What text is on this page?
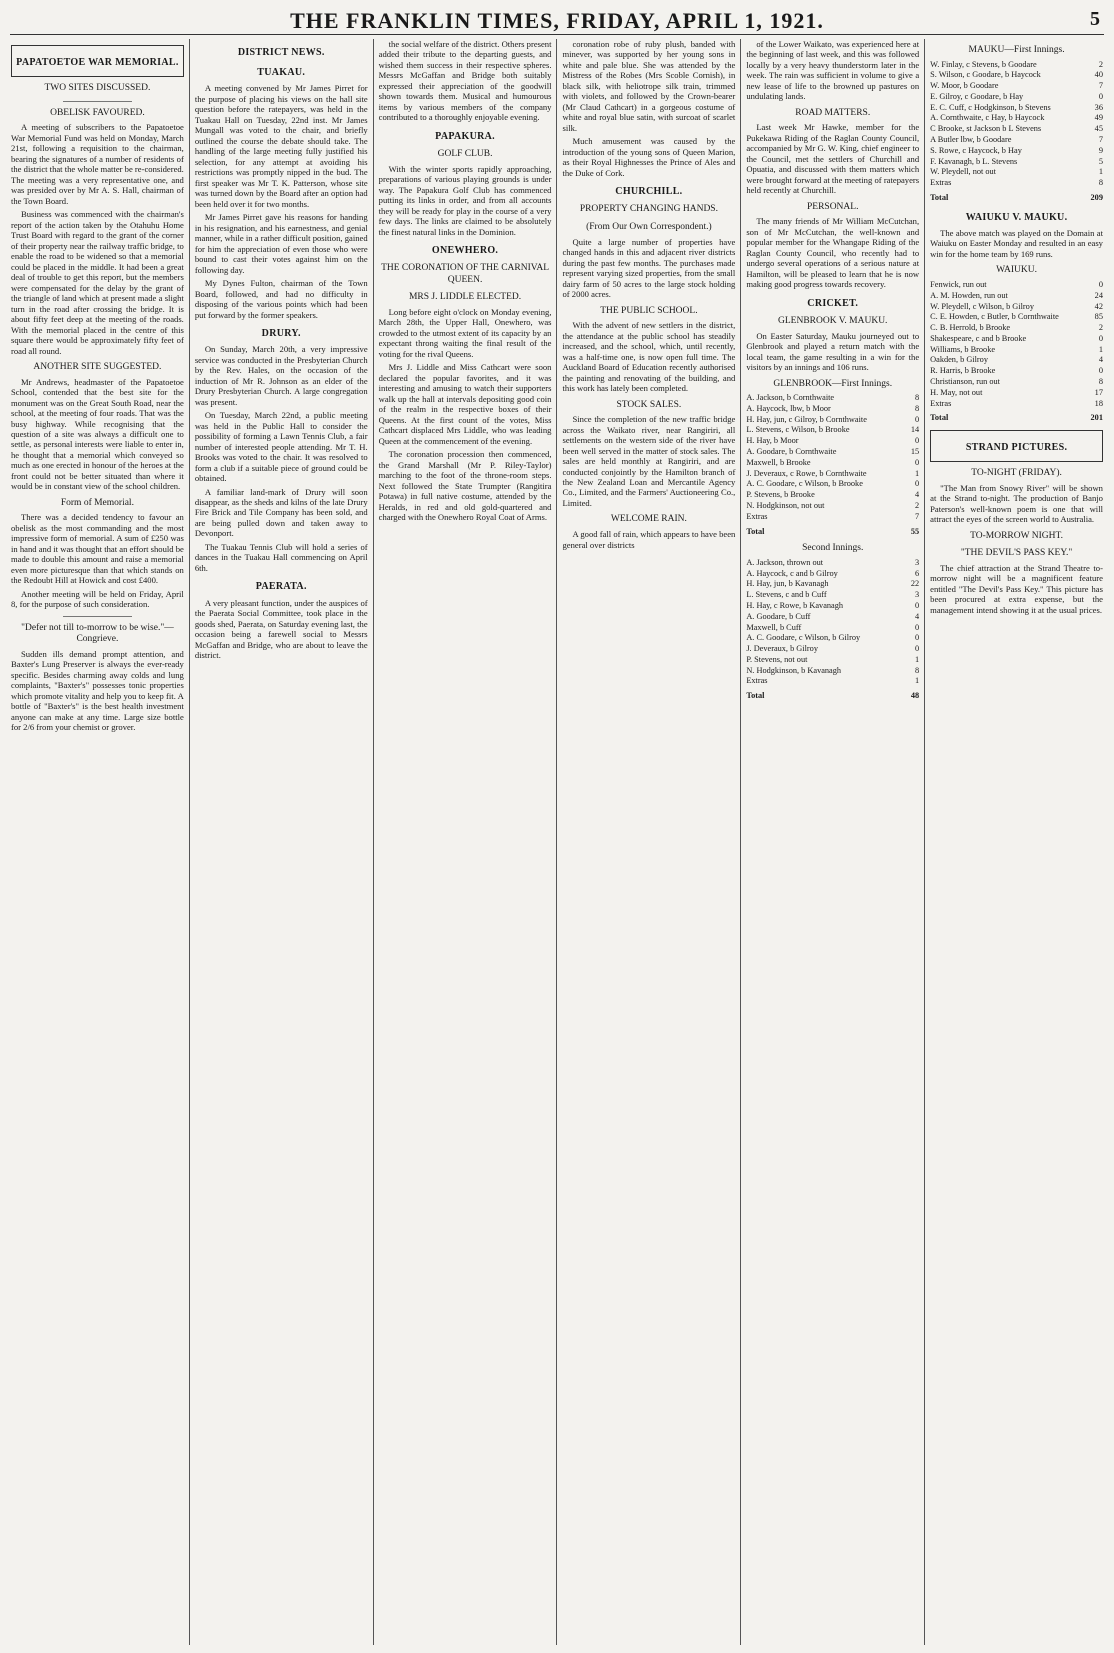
THE FRANKLIN TIMES, FRIDAY, APRIL 1, 1921.	5
PAPATOETOE WAR MEMORIAL.
TWO SITES DISCUSSED.
OBELISK FAVOURED.

A meeting of subscribers to the Papatoetoe War Memorial Fund was held on Monday, March 21st, following a requisition to the chairman, bearing the signatures of a number of residents of the district that the whole matter be re-considered. The meeting was a very representative one, and was presided over by Mr A. S. Hall, chairman of the Town Board.

Business was commenced with the chairman's report of the action taken by the Otahuhu Home Trust Board with regard to the grant of the corner of their property near the railway traffic bridge, to enable the road to be widened so that a memorial could be placed in the middle. It had been a great deal of trouble to get this report, but the members were compensated for the delay by the grant of the triangle of land which at present made a slight turn in the road after crossing the bridge. It is about fifty feet deep at the meeting of the roads. With the memorial placed in the centre of this square there would be approximately fifty feet of road all round.

ANOTHER SITE SUGGESTED.

Mr Andrews, headmaster of the Papatoetoe School, contended that the best site for the monument was on the Great South Road, near the school, at the meeting of four roads. That was the busy highway. While recognising that the question of a site was always a difficult one to settle, as personal interests were liable to enter in, he thought that a memorial which conveyed so much as one erected in honour of the heroes at the front could not be better situated than where it would be in constant view of the school children.

Form of Memorial.

There was a decided tendency to favour an obelisk as the most commanding and the most impressive form of memorial. A sum of £250 was in hand and it was thought that an effort should be made to double this amount and raise a memorial even more picturesque than that which stands on the Redoubt Hill at Howick and cost £400.

Another meeting will be held on Friday, April 8, for the purpose of such consideration.

"Defer not till to-morrow to be wise."—Congrieve.

Sudden ills demand prompt attention, and Baxter's Lung Preserver is always the ever-ready specific. Besides charming away colds and lung complaints, "Baxter's" possesses tonic properties which promote vitality and help you to keep fit. A bottle of "Baxter's" is the best health investment anyone can make at any time. Large size bottle for 2/6 from your chemist or grover.

DISTRICT NEWS.
TUAKAU.

A meeting convened by Mr James Pirret for the purpose of placing his views on the hall site question before the ratepayers, was held in the Tuakau Hall on Tuesday, 22nd inst. Mr James Mungall was voted to the chair, and briefly outlined the course the debate should take. The handling of the large meeting fully justified his selection, for any attempt at avoiding his restrictions was promptly nipped in the bud. The first speaker was Mr T. K. Patterson, whose site was turned down by the Board after an option had been held over it for two months.

Mr James Pirret gave his reasons for handing in his resignation, and his earnestness, and genial manner, while in a rather difficult position, gained for him the appreciation of even those who were bound to cast their votes against him on the following day.

My Dynes Fulton, chairman of the Town Board, followed, and had no difficulty in disposing of the various points which had been put forward by the former speakers.

DRURY.

On Sunday, March 20th, a very impressive service was conducted in the Presbyterian Church by the Rev. Hales, on the occasion of the induction of Mr R. Johnson as an elder of the Drury Presbyterian Church. A large congregation was present.

On Tuesday, March 22nd, a public meeting was held in the Public Hall to consider the possibility of forming a Lawn Tennis Club, a fair number of interested people attending. Mr T. H. Brooks was voted to the chair. It was resolved to form a club if a suitable piece of ground could be obtained.

A familiar land-mark of Drury will soon disappear, as the sheds and kilns of the late Drury Fire Brick and Tile Company has been sold, and are being pulled down and taken away to Devonport.

The Tuakau Tennis Club will hold a series of dances in the Tuakau Hall commencing on April 6th.

PAERATA.

A very pleasant function, under the auspices of the Paerata Social Committee, took place in the goods shed, Paerata, on Saturday evening last, the occasion being a farewell social to Messrs McGaffan and Bridge, who are about to leave the district.

the social welfare of the district. Others present added their tribute to the departing guests, and wished them success in their respective spheres. Messrs McGaffan and Bridge both suitably expressed their appreciation of the goodwill shown towards them. Musical and humourous items by various members of the company contributed to a thoroughly enjoyable evening.

PAPAKURA.
GOLF CLUB.

With the winter sports rapidly approaching, preparations of various playing grounds is under way. The Papakura Golf Club has commenced putting its links in order, and from all accounts they will be ready for play in the course of a very few days. The links are claimed to be absolutely the finest natural links in the Dominion.

ONEWHERO.
THE CORONATION OF THE CARNIVAL QUEEN.
MRS J. LIDDLE ELECTED.

Long before eight o'clock on Monday evening, March 28th, the Upper Hall, Onewhero, was crowded to the utmost extent of its capacity by an expectant throng waiting the final result of the voting for the rival Queens.

Mrs J. Liddle and Miss Cathcart were soon declared the popular favorites, and it was interesting and amusing to watch their supporters walk up the hall at intervals depositing good coin of the realm in the respective boxes of their Queens. At the first count of the votes, Miss Cathcart displaced Mrs Liddle, who was leading Queen at the commencement of the evening.

The coronation procession then commenced, the Grand Marshall (Mr P. Riley-Taylor) marching to the foot of the throne-room steps. Next followed the State Trumpter (Rangitira Potawa) in full native costume, attended by the Heralds, in red and old gold-quartered and charged with the Onewhero Royal Coat of Arms.

coronation robe of ruby plush, banded with minever, was supported by her young sons in white and pale blue. She was attended by the Mistress of the Robes (Mrs Scoble Cornish), in black silk, with heliotrope silk train, trimmed with violets, and followed by the Crown-bearer (Mr Claud Cathcart) in a gorgeous costume of white and royal blue satin, with surcoat of scarlet silk.

Much amusement was caused by the introduction of the young sons of Queen Marion, as their Royal Highnesses the Prince of Ales and the Duke of Cork.

CHURCHILL.
PROPERTY CHANGING HANDS.
(From Our Own Correspondent.)

Quite a large number of properties have changed hands in this and adjacent river districts during the past few months. The purchases made represent varying sized properties, from the small dairy farm of 50 acres to the large stock holding of 2000 acres.

THE PUBLIC SCHOOL.

With the advent of new settlers in the district, the attendance at the public school has steadily increased, and the school, which, until recently, was a half-time one, is now open full time. The Auckland Board of Education recently authorised the painting and renovating of the building, and this work has lately been completed.

STOCK SALES.

Since the completion of the new traffic bridge across the Waikato river, near Rangiriri, all settlements on the western side of the river have been well served in the matter of stock sales. The sales are held monthly at Rangiriri, and are conducted conjointly by the Hamilton branch of the New Zealand Loan and Mercantile Agency Co., Limited, and the Farmers' Auctioneering Co., Limited.

WELCOME RAIN.

A good fall of rain, which appears to have been general over districts

of the Lower Waikato, was experienced here at the beginning of last week, and this was followed locally by a very heavy thunderstorm later in the week. The rain was sufficient in volume to give a new lease of life to the browned up pastures on undulating lands.

ROAD MATTERS.

Last week Mr Hawke, member for the Pukekawa Riding of the Raglan County Council, accompanied by Mr G. W. King, chief engineer to the Council, met the settlers of Churchill and Opuatia, and discussed with them matters which were brought forward at the meeting of ratepayers held recently at Churchill.

PERSONAL.

The many friends of Mr William McCutchan, son of Mr McCutchan, the well-known and popular member for the Whangape Riding of the Raglan County Council, who recently had to undergo several operations of a serious nature at Hamilton, will be pleased to learn that he is now making good progress towards recovery.

CRICKET.
GLENBROOK V. MAUKU.

On Easter Saturday, Mauku journeyed out to Glenbrook and played a return match with the local team, the game resulting in a win for the visitors by an innings and 106 runs.

GLENBROOK—First Innings.
A. Jackson, b Cornthwaite	8
A. Haycock, lbw, b Moor	8
H. Hay, jun, c Gilroy, b Cornthwaite	0
L. Stevens, c Wilson, b Brooke	14
H. Hay, b Moor	0
A. Goodare, b Cornthwaite	15
Maxwell, b Brooke	0
J. Deveraux, c Rowe, b Cornthwaite	1
A. C. Goodare, c Wilson, b Brooke	0
P. Stevens, b Brooke	4
N. Hodgkinson, not out	2
Extras	7
Total	55
Second Innings.
A. Jackson, thrown out	3
A. Haycock, c and b Gilroy	6
H. Hay, jun, b Kavanagh	22
L. Stevens, c and b Cuff	3
H. Hay, c Rowe, b Kavanagh	0
A. Goodare, b Cuff	4
Maxwell, b Cuff	0
A. C. Goodare, c Wilson, b Gilroy	0
J. Deveraux, b Gilroy	0
P. Stevens, not out	1
N. Hodgkinson, b Kavanagh	8
Extras	1
Total	48
MAUKU—First Innings.
W. Finlay, c Stevens, b Goodare	2
S. Wilson, c Goodare, b Haycock	40
W. Moor, b Goodare	7
E. Gilroy, c Goodare, b Hay	0
E. C. Cuff, c Hodgkinson, b Stevens	36
A. Cornthwaite, c Hay, b Haycock	49
C Brooke, st Jackson b L Stevens	45
A Butler lbw, b Goodare	7
S. Rowe, c Haycock, b Hay	9
F. Kavanagh, b L. Stevens	5
W. Pleydell, not out	1
Extras	8
Total	209
WAIUKU V. MAUKU.

The above match was played on the Domain at Waiuku on Easter Monday and resulted in an easy win for the home team by 169 runs.

WAIUKU.
Fenwick, run out	0
A. M. Howden, run out	24
W. Pleydell, c Wilson, b Gilroy	42
C. E. Howden, c Butler, b Cornthwaite	85
C. B. Herrold, b Brooke	2
Shakespeare, c and b Brooke	0
Williams, b Brooke	1
Oakden, b Gilroy	4
R. Harris, b Brooke	0
Christianson, run out	8
H. May, not out	17
Extras	18
Total	201
STRAND PICTURES.
TO-NIGHT (FRIDAY).

"The Man from Snowy River" will be shown at the Strand to-night. The production of Banjo Paterson's well-known poem is one that will attract the eyes of the screen world to Australia.

TO-MORROW NIGHT.
"THE DEVIL'S PASS KEY."

The chief attraction at the Strand Theatre to-morrow night will be a magnificent feature entitled "The Devil's Pass Key." This picture has been procured at extra expense, but the management intend showing it at the usual prices.
